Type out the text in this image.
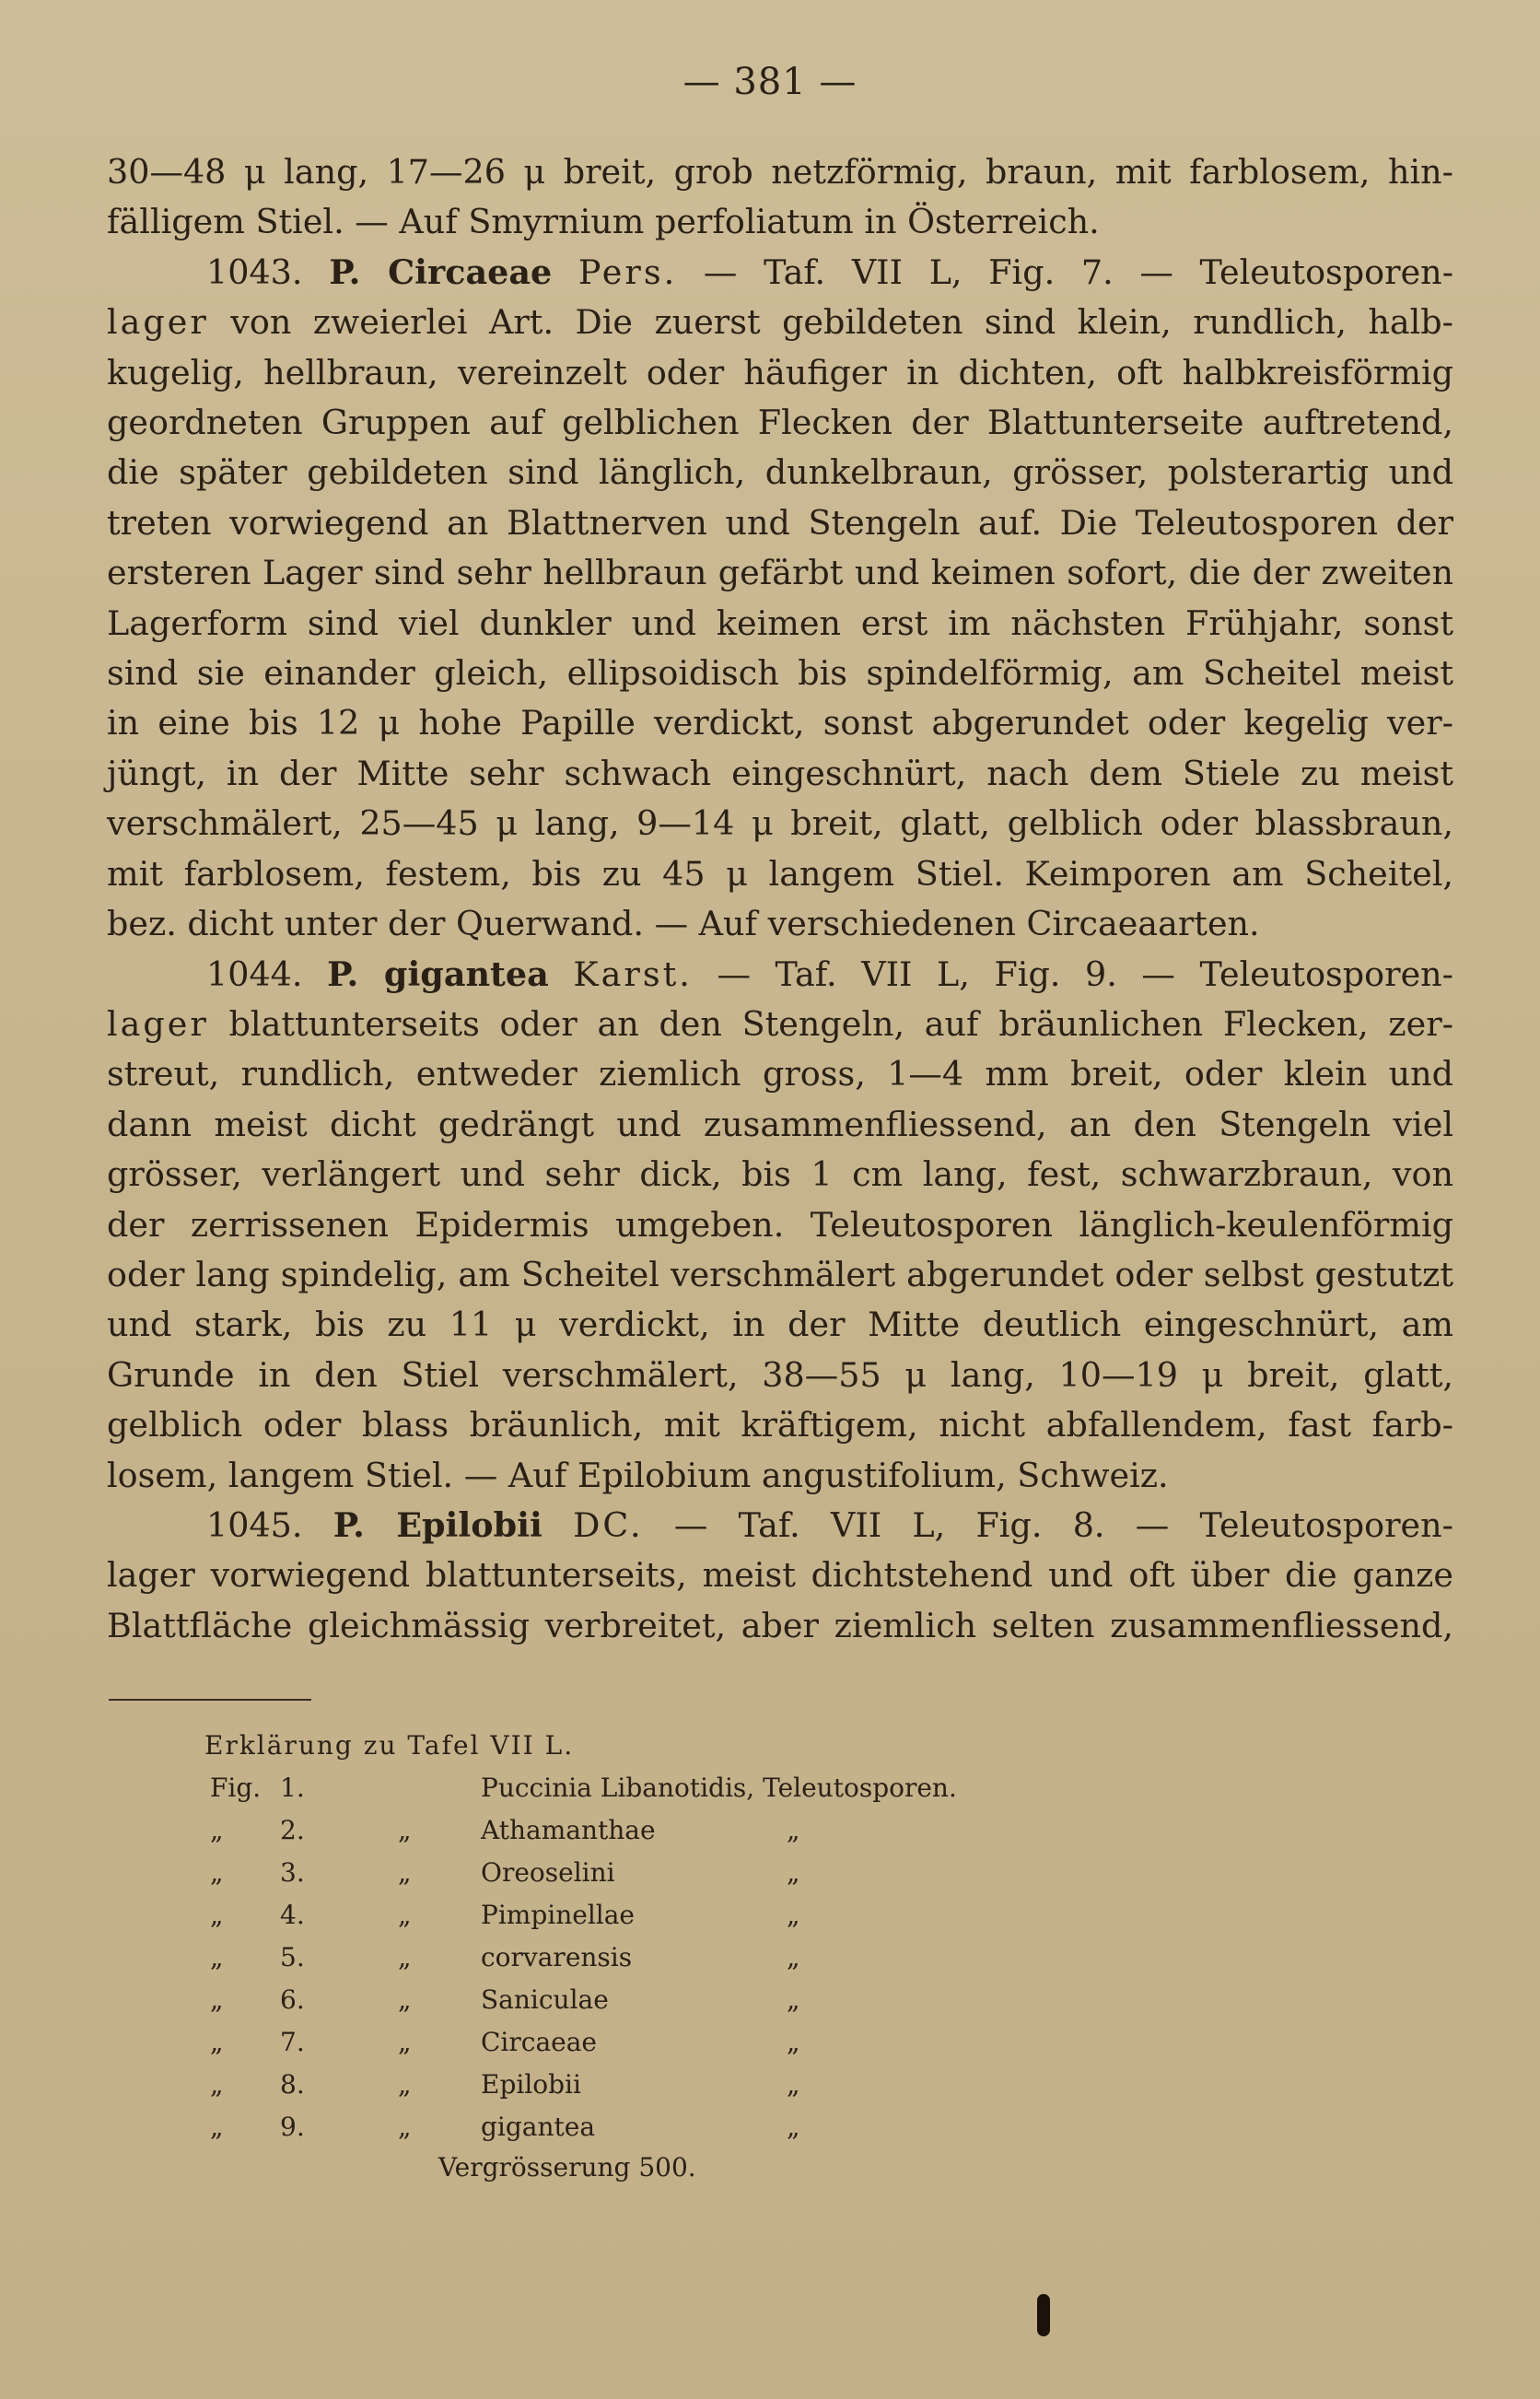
— 381 —
30—48 μ lang, 17—26 μ breit, grob netzförmig, braun, mit farblosem, hin-
fälligem Stiel. — Auf Smyrnium perfoliatum in Österreich.
1043. P. Circaeae Pers. — Taf. VII L, Fig. 7. — Teleutosporen-
lager von zweierlei Art. Die zuerst gebildeten sind klein, rundlich, halb-
kugelig, hellbraun, vereinzelt oder häufiger in dichten, oft halbkreisförmig
geordneten Gruppen auf gelblichen Flecken der Blattunterseite auftretend,
die später gebildeten sind länglich, dunkelbraun, grösser, polsterartig und
treten vorwiegend an Blattnerven und Stengeln auf. Die Teleutosporen der
ersteren Lager sind sehr hellbraun gefärbt und keimen sofort, die der zweiten
Lagerform sind viel dunkler und keimen erst im nächsten Frühjahr, sonst
sind sie einander gleich, ellipsoidisch bis spindelförmig, am Scheitel meist
in eine bis 12 μ hohe Papille verdickt, sonst abgerundet oder kegelig ver-
jüngt, in der Mitte sehr schwach eingeschnürt, nach dem Stiele zu meist
verschmälert, 25—45 μ lang, 9—14 μ breit, glatt, gelblich oder blassbraun,
mit farblosem, festem, bis zu 45 μ langem Stiel. Keimporen am Scheitel,
bez. dicht unter der Querwand. — Auf verschiedenen Circaeaarten.
1044. P. gigantea Karst. — Taf. VII L, Fig. 9. — Teleutosporen-
lager blattunterseits oder an den Stengeln, auf bräunlichen Flecken, zer-
streut, rundlich, entweder ziemlich gross, 1—4 mm breit, oder klein und
dann meist dicht gedrängt und zusammenfliessend, an den Stengeln viel
grösser, verlängert und sehr dick, bis 1 cm lang, fest, schwarzbraun, von
der zerrissenen Epidermis umgeben. Teleutosporen länglich-keulenförmig
oder lang spindelig, am Scheitel verschmälert abgerundet oder selbst gestutzt
und stark, bis zu 11 μ verdickt, in der Mitte deutlich eingeschnürt, am
Grunde in den Stiel verschmälert, 38—55 μ lang, 10—19 μ breit, glatt,
gelblich oder blass bräunlich, mit kräftigem, nicht abfallendem, fast farb-
losem, langem Stiel. — Auf Epilobium angustifolium, Schweiz.
1045. P. Epilobii DC. — Taf. VII L, Fig. 8. — Teleutosporen-
lager vorwiegend blattunterseits, meist dichtstehend und oft über die ganze
Blattfläche gleichmässig verbreitet, aber ziemlich selten zusammenfliessend,
Erklärung zu Tafel VII L.
Fig. 1.	Puccinia Libanotidis, Teleutosporen.
„ 2.	„	Athamanthae	„
„ 3.	„	Oreoselini	„
„ 4.	„	Pimpinellae	„
„ 5.	„	corvarensis	„
„ 6.	„	Saniculae	„
„ 7.	„	Circaeae	„
„ 8.	„	Epilobii	„
„ 9.	„	gigantea	„
Vergrösserung 500.
